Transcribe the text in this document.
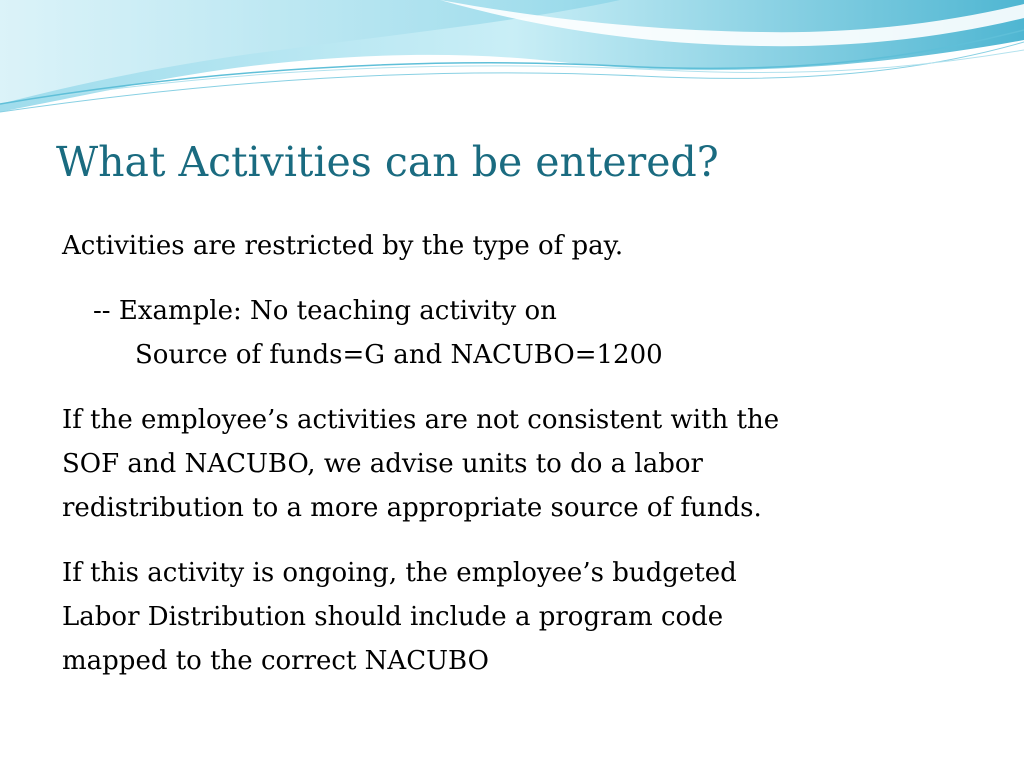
What Activities can be entered?

Activities are restricted by the type of pay.

-- Example: No teaching activity on
Source of funds=G and NACUBO=1200

If the employee’s activities are not consistent with the
SOF and NACUBO, we advise units to do a labor
redistribution to a more appropriate source of funds.

If this activity is ongoing, the employee’s budgeted
Labor Distribution should include a program code
mapped to the correct NACUBO
